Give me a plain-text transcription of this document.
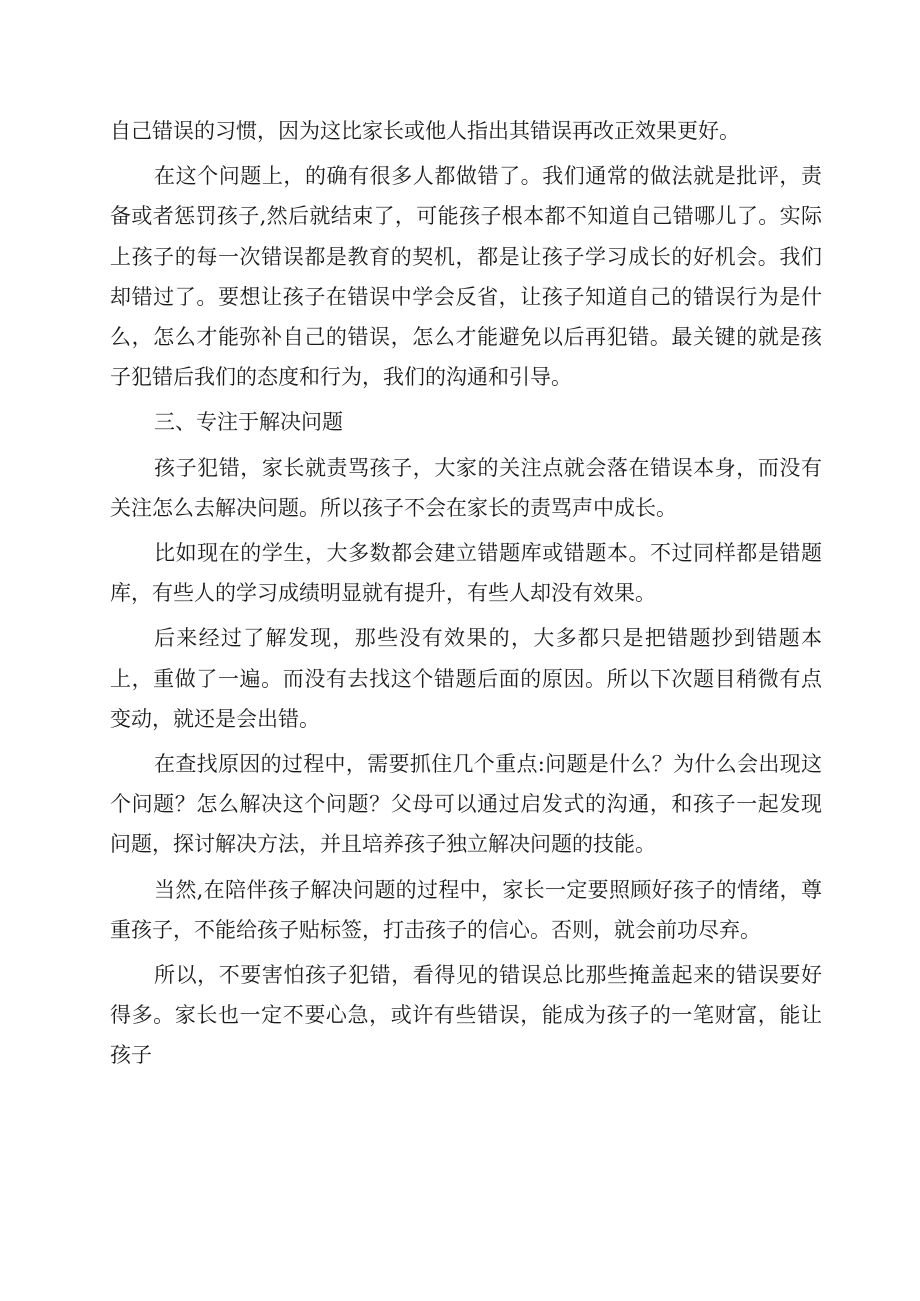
自己错误的习惯，因为这比家长或他人指出其错误再改正效果更好。

在这个问题上，的确有很多人都做错了。我们通常的做法就是批评，责备或者惩罚孩子,然后就结束了，可能孩子根本都不知道自己错哪儿了。实际上孩子的每一次错误都是教育的契机，都是让孩子学习成长的好机会。我们却错过了。要想让孩子在错误中学会反省，让孩子知道自己的错误行为是什么，怎么才能弥补自己的错误，怎么才能避免以后再犯错。最关键的就是孩子犯错后我们的态度和行为，我们的沟通和引导。

三、专注于解决问题

孩子犯错，家长就责骂孩子，大家的关注点就会落在错误本身，而没有关注怎么去解决问题。所以孩子不会在家长的责骂声中成长。

比如现在的学生，大多数都会建立错题库或错题本。不过同样都是错题库，有些人的学习成绩明显就有提升，有些人却没有效果。

后来经过了解发现，那些没有效果的，大多都只是把错题抄到错题本上，重做了一遍。而没有去找这个错题后面的原因。所以下次题目稍微有点变动，就还是会出错。

在查找原因的过程中，需要抓住几个重点:问题是什么？为什么会出现这个问题？怎么解决这个问题？父母可以通过启发式的沟通，和孩子一起发现问题，探讨解决方法，并且培养孩子独立解决问题的技能。

当然,在陪伴孩子解决问题的过程中，家长一定要照顾好孩子的情绪，尊重孩子，不能给孩子贴标签，打击孩子的信心。否则，就会前功尽弃。

所以，不要害怕孩子犯错，看得见的错误总比那些掩盖起来的错误要好得多。家长也一定不要心急，或许有些错误，能成为孩子的一笔财富，能让孩子
